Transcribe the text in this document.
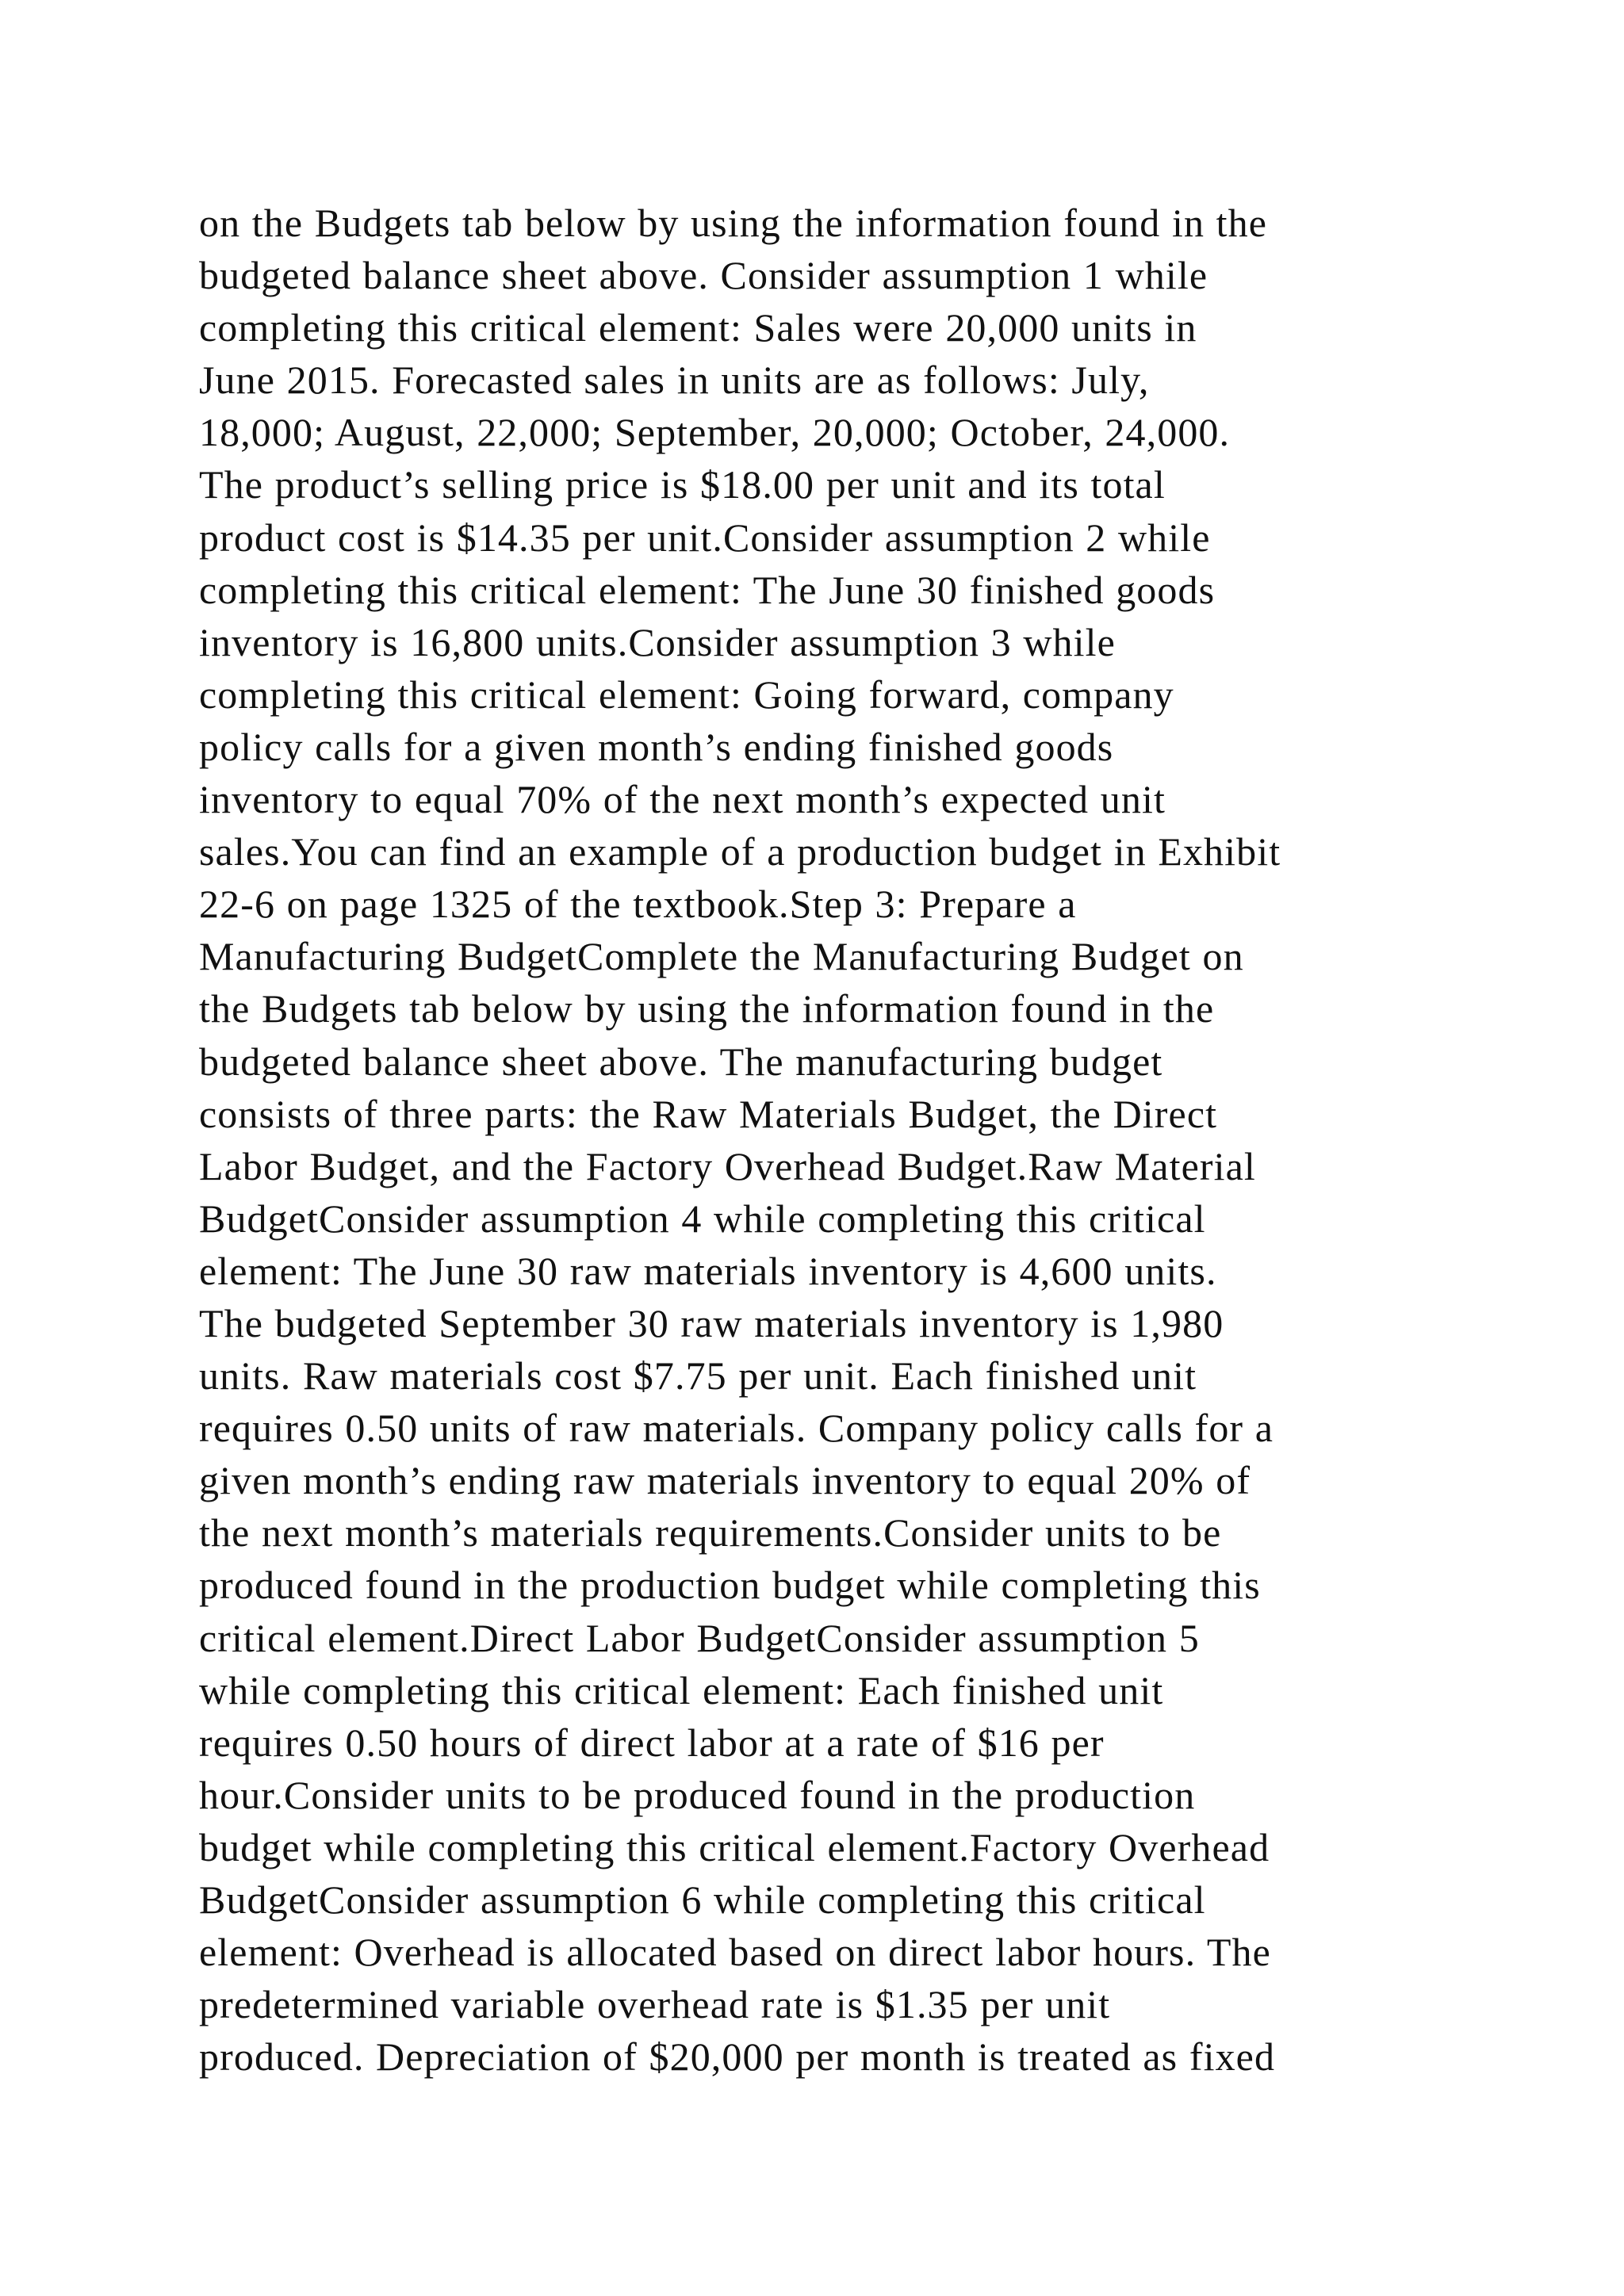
on the Budgets tab below by using the information found in the
budgeted balance sheet above. Consider assumption 1 while
completing this critical element: Sales were 20,000 units in
June 2015. Forecasted sales in units are as follows: July,
18,000; August, 22,000; September, 20,000; October, 24,000.
The product’s selling price is $18.00 per unit and its total
product cost is $14.35 per unit.Consider assumption 2 while
completing this critical element: The June 30 finished goods
inventory is 16,800 units.Consider assumption 3 while
completing this critical element: Going forward, company
policy calls for a given month’s ending finished goods
inventory to equal 70% of the next month’s expected unit
sales.You can find an example of a production budget in Exhibit
22-6 on page 1325 of the textbook.Step 3: Prepare a
Manufacturing BudgetComplete the Manufacturing Budget on
the Budgets tab below by using the information found in the
budgeted balance sheet above. The manufacturing budget
consists of three parts: the Raw Materials Budget, the Direct
Labor Budget, and the Factory Overhead Budget.Raw Material
BudgetConsider assumption 4 while completing this critical
element: The June 30 raw materials inventory is 4,600 units.
The budgeted September 30 raw materials inventory is 1,980
units. Raw materials cost $7.75 per unit. Each finished unit
requires 0.50 units of raw materials. Company policy calls for a
given month’s ending raw materials inventory to equal 20% of
the next month’s materials requirements.Consider units to be
produced found in the production budget while completing this
critical element.Direct Labor BudgetConsider assumption 5
while completing this critical element: Each finished unit
requires 0.50 hours of direct labor at a rate of $16 per
hour.Consider units to be produced found in the production
budget while completing this critical element.Factory Overhead
BudgetConsider assumption 6 while completing this critical
element: Overhead is allocated based on direct labor hours. The
predetermined variable overhead rate is $1.35 per unit
produced. Depreciation of $20,000 per month is treated as fixed
